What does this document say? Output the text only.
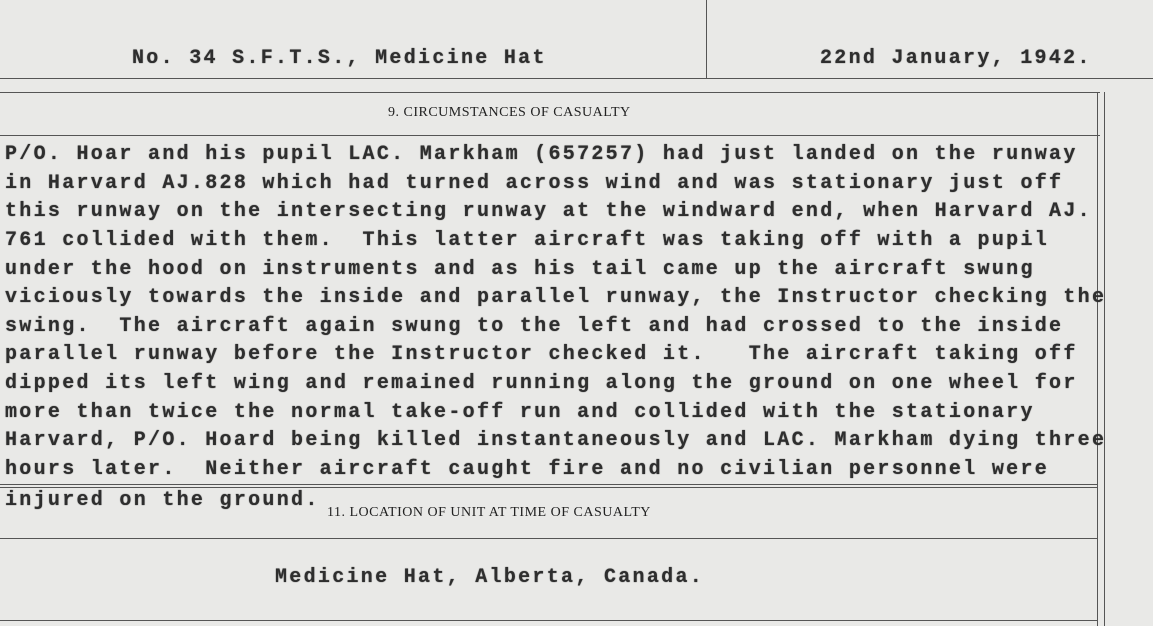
No. 34 S.F.T.S., Medicine Hat	22nd January, 1942.
9. CIRCUMSTANCES OF CASUALTY
P/O. Hoar and his pupil LAC. Markham (657257) had just landed on the runway
in Harvard AJ.828 which had turned across wind and was stationary just off
this runway on the intersecting runway at the windward end, when Harvard AJ.
761 collided with them.  This latter aircraft was taking off with a pupil
under the hood on instruments and as his tail came up the aircraft swung
viciously towards the inside and parallel runway, the Instructor checking the
swing.  The aircraft again swung to the left and had crossed to the inside
parallel runway before the Instructor checked it.   The aircraft taking off
dipped its left wing and remained running along the ground on one wheel for
more than twice the normal take-off run and collided with the stationary
Harvard, P/O. Hoard being killed instantaneously and LAC. Markham dying three
hours later.  Neither aircraft caught fire and no civilian personnel were
injured on the ground.
11. LOCATION OF UNIT AT TIME OF CASUALTY
Medicine Hat, Alberta, Canada.
